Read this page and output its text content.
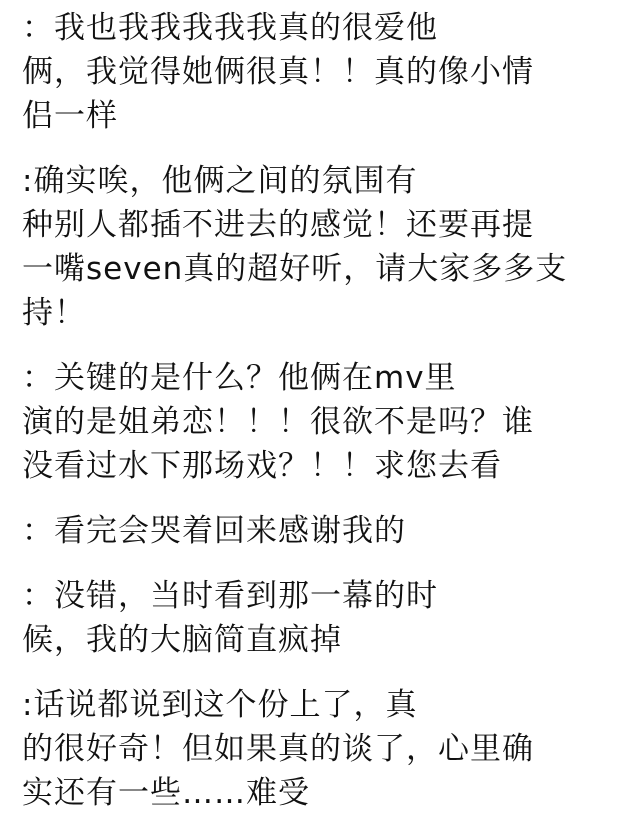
：我也我我我我我真的很爱他
俩，我觉得她俩很真！！真的像小情
侣一样
:确实唉，他俩之间的氛围有
种别人都插不进去的感觉！还要再提
一嘴seven真的超好听，请大家多多支
持！
：关键的是什么？他俩在mv里
演的是姐弟恋！！！很欲不是吗？谁
没看过水下那场戏？！！求您去看
：看完会哭着回来感谢我的
：没错，当时看到那一幕的时
候，我的大脑简直疯掉
:话说都说到这个份上了，真
的很好奇！但如果真的谈了，心里确
实还有一些……难受
